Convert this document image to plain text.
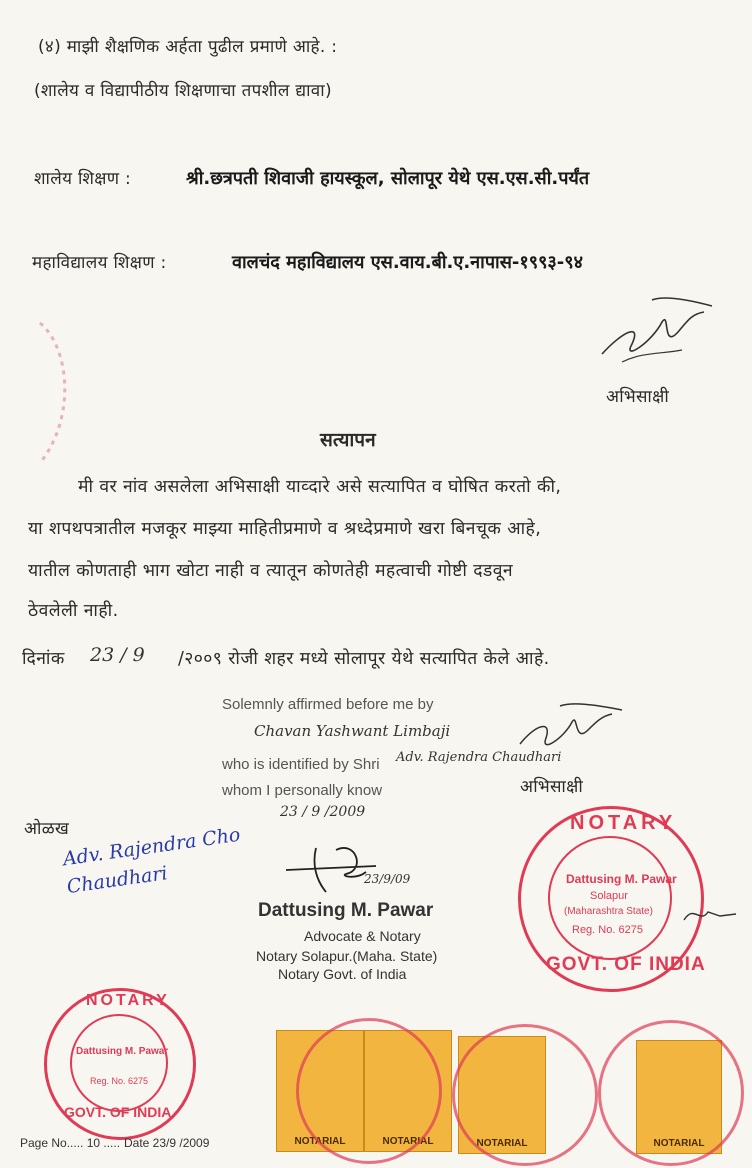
(४) माझी शैक्षणिक अर्हता पुढील प्रमाणे आहे. :
(शालेय व विद्यापीठीय शिक्षणाचा तपशील द्यावा)
शालेय शिक्षण :	श्री.छत्रपती शिवाजी हायस्कूल, सोलापूर येथे एस.एस.सी.पर्यंत
महाविद्यालय शिक्षण :	वालचंद महाविद्यालय एस.वाय.बी.ए.नापास-१९९३-९४
अभिसाक्षी
सत्यापन
मी वर नांव असलेला अभिसाक्षी याव्दारे असे सत्यापित व घोषित करतो की,
या शपथपत्रातील मजकूर माझ्या माहितीप्रमाणे व श्रध्देप्रमाणे खरा बिनचूक आहे,
यातील कोणताही भाग खोटा नाही व त्यातून कोणतेही महत्वाची गोष्टी दडवून
ठेवलेली नाही.
दिनांक 23 / 9 /२००९ रोजी शहर मध्ये सोलापूर येथे सत्यापित केले आहे.
Solemnly affirmed before me by
Chavan Yashwant Limbaji
who is identified by Shri Adv. Rajendra Chaudhari
whom I personally know
23 / 9 /2009
अभिसाक्षी
ओळख
Adv. Rajendra Cho Chaudhari	23/9/09
Dattusing M. Pawar
Advocate & Notary
Notary Solapur.(Maha. State)
Notary Govt. of India
NOTARY
Dattusing M. Pawar
Solapur
(Maharashtra State)
Reg. No. 6275
GOVT. OF INDIA
NOTARY
Dattusing M. Pawar
Reg. No. 6275
GOVT. OF INDIA
NOTARIAL	NOTARIAL	NOTARIAL	NOTARIAL
Page No..... 10 ..... Date 23/9 /2009
